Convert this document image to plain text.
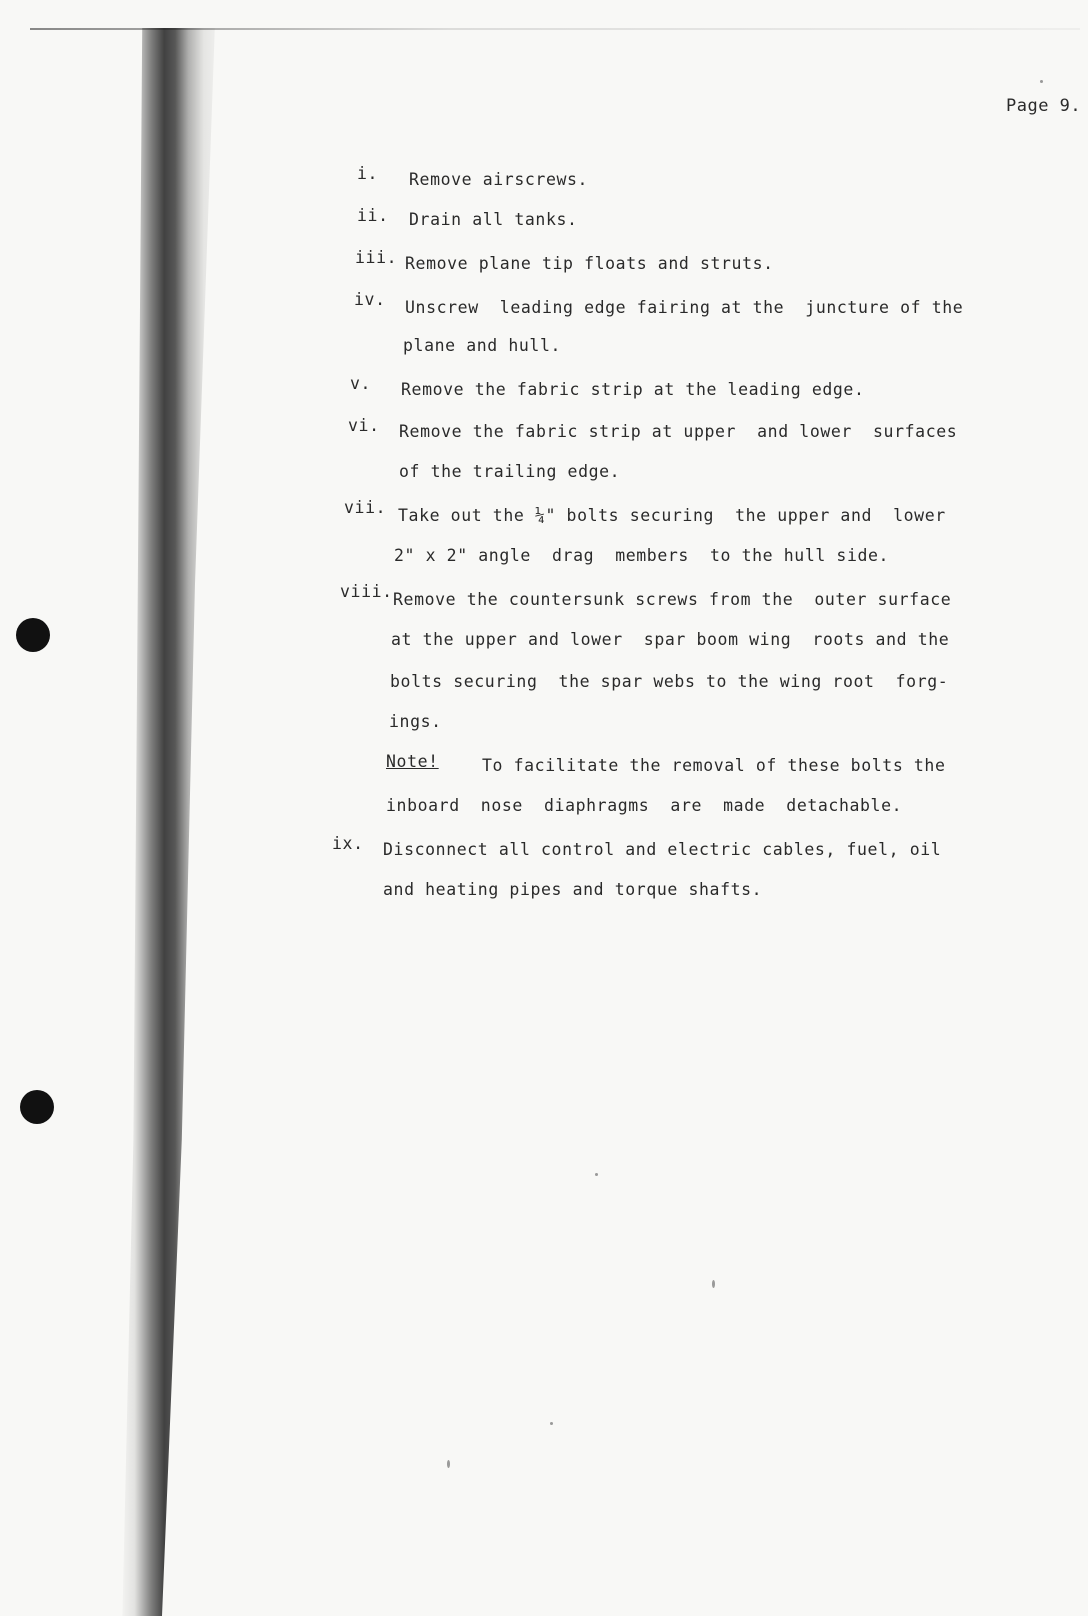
Page 9.
i. Remove airscrews.
ii. Drain all tanks.
iii. Remove plane tip floats and struts.
iv. Unscrew  leading edge fairing at the  juncture of the
plane and hull.
v. Remove the fabric strip at the leading edge.
vi. Remove the fabric strip at upper  and lower  surfaces
of the trailing edge.
vii. Take out the ¼" bolts securing  the upper and  lower
2" x 2" angle  drag  members  to the hull side.
viii. Remove the countersunk screws from the  outer surface
at the upper and lower  spar boom wing  roots and the
bolts securing  the spar webs to the wing root  forg-
ings.
Note!	To facilitate the removal of these bolts the
inboard  nose  diaphragms  are  made  detachable.
ix. Disconnect all control and electric cables, fuel, oil
and heating pipes and torque shafts.
